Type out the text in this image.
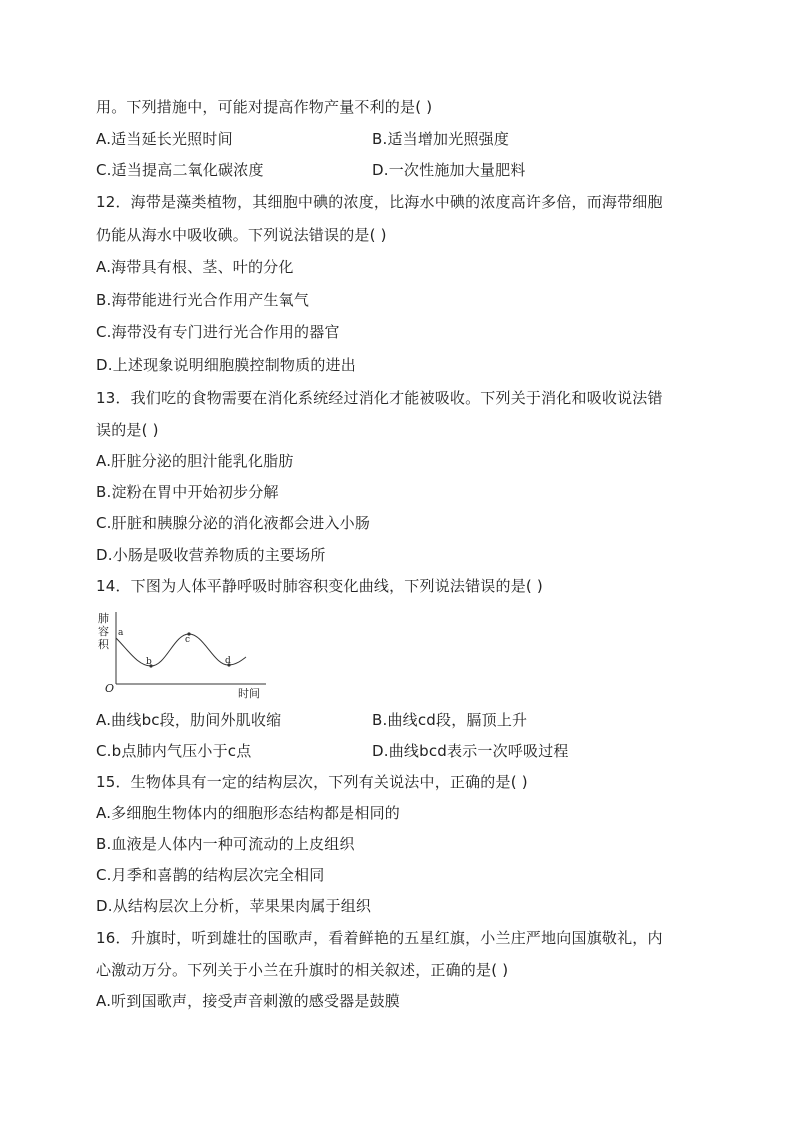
用。下列措施中，可能对提高作物产量不利的是( )
A.适当延长光照时间	B.适当增加光照强度
C.适当提高二氧化碳浓度	D.一次性施加大量肥料
12．海带是藻类植物，其细胞中碘的浓度，比海水中碘的浓度高许多倍，而海带细胞
仍能从海水中吸收碘。下列说法错误的是( )
A.海带具有根、茎、叶的分化
B.海带能进行光合作用产生氧气
C.海带没有专门进行光合作用的器官
D.上述现象说明细胞膜控制物质的进出
13．我们吃的食物需要在消化系统经过消化才能被吸收。下列关于消化和吸收说法错
误的是( )
A.肝脏分泌的胆汁能乳化脂肪
B.淀粉在胃中开始初步分解
C.肝脏和胰腺分泌的消化液都会进入小肠
D.小肠是吸收营养物质的主要场所
14．下图为人体平静呼吸时肺容积变化曲线，下列说法错误的是( )
肺
容
积
O	时间
a
b
c
d
A.曲线bc段，肋间外肌收缩	B.曲线cd段，膈顶上升
C.b点肺内气压小于c点	D.曲线bcd表示一次呼吸过程
15．生物体具有一定的结构层次，下列有关说法中，正确的是( )
A.多细胞生物体内的细胞形态结构都是相同的
B.血液是人体内一种可流动的上皮组织
C.月季和喜鹊的结构层次完全相同
D.从结构层次上分析，苹果果肉属于组织
16．升旗时，听到雄壮的国歌声，看着鲜艳的五星红旗，小兰庄严地向国旗敬礼，内
心激动万分。下列关于小兰在升旗时的相关叙述，正确的是( )
A.听到国歌声，接受声音刺激的感受器是鼓膜
